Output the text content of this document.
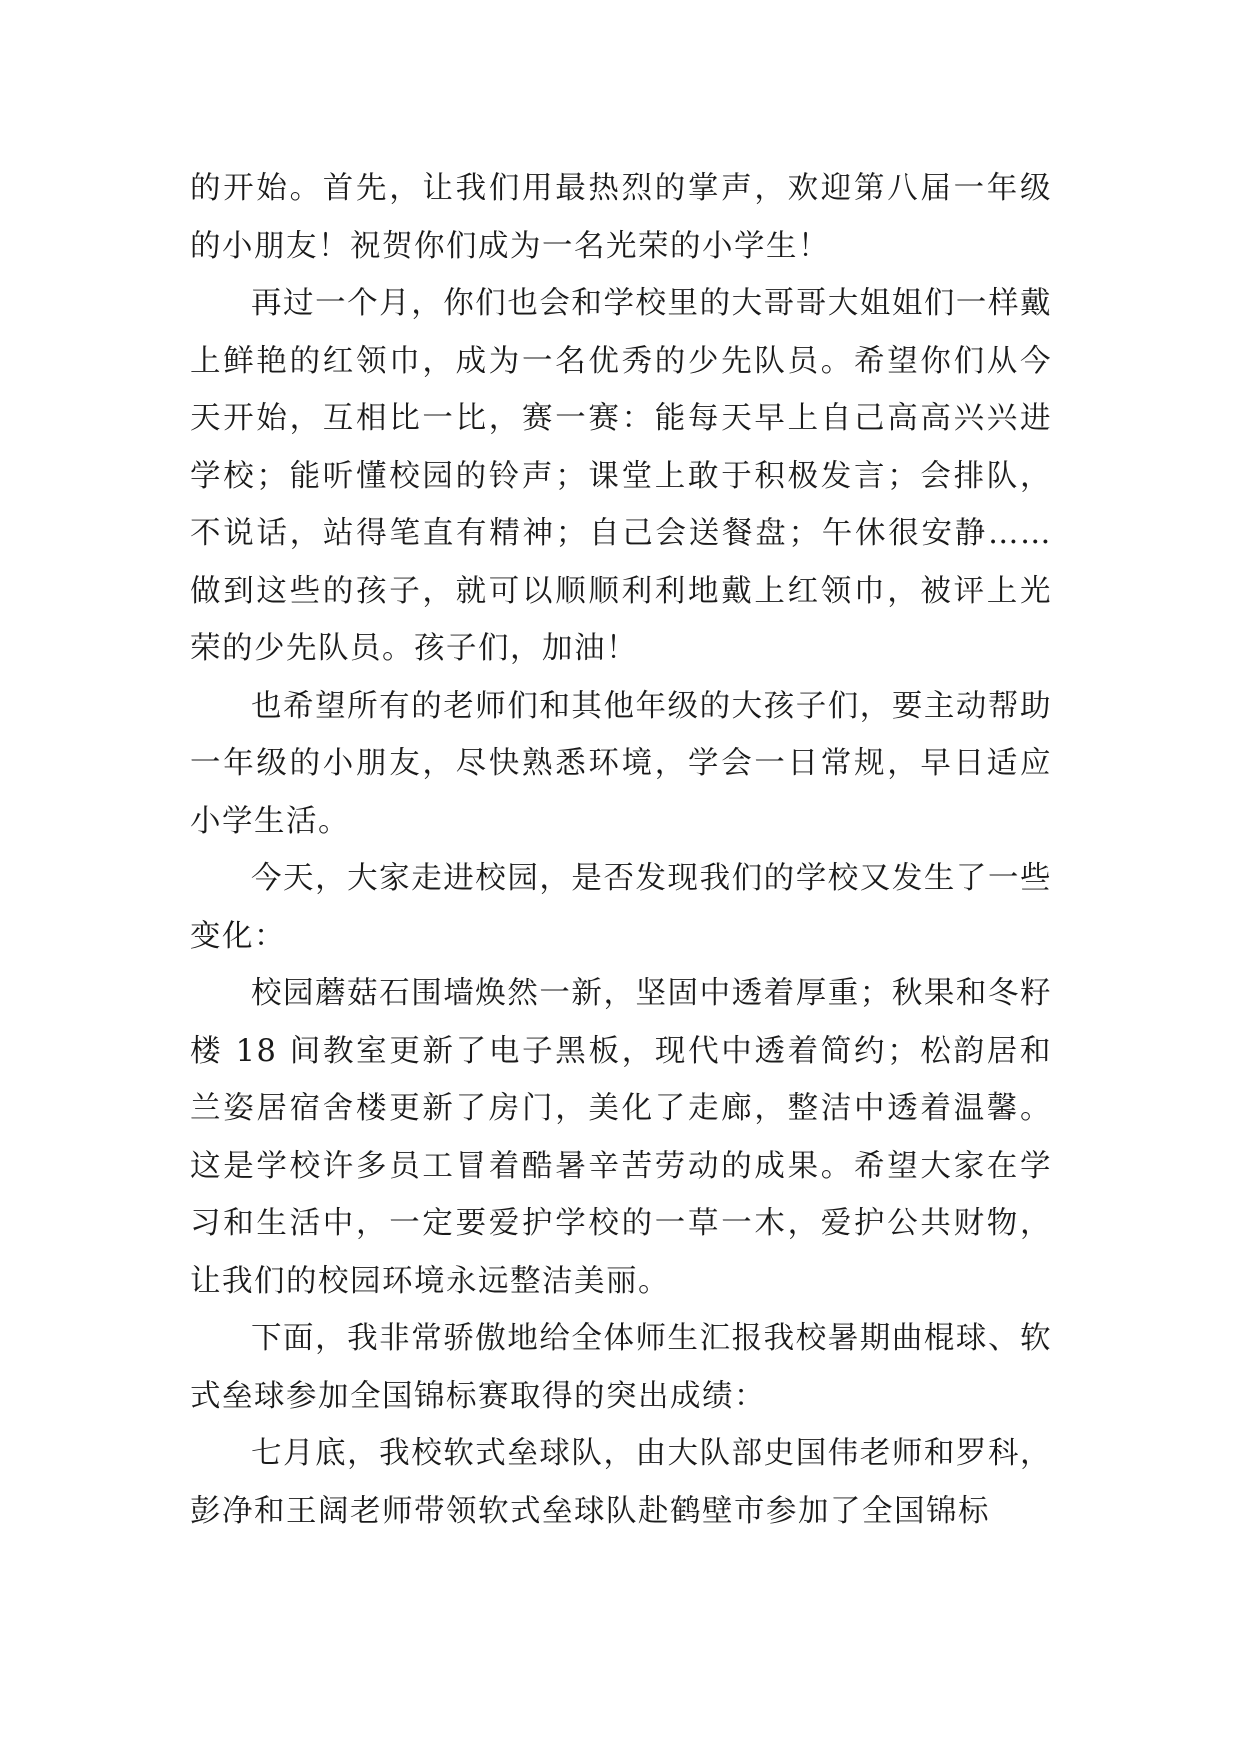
的开始。首先，让我们用最热烈的掌声，欢迎第八届一年级的小朋友！祝贺你们成为一名光荣的小学生！

再过一个月，你们也会和学校里的大哥哥大姐姐们一样戴上鲜艳的红领巾，成为一名优秀的少先队员。希望你们从今天开始，互相比一比，赛一赛：能每天早上自己高高兴兴进学校；能听懂校园的铃声；课堂上敢于积极发言；会排队，不说话，站得笔直有精神；自己会送餐盘；午休很安静……做到这些的孩子，就可以顺顺利利地戴上红领巾，被评上光荣的少先队员。孩子们，加油！

也希望所有的老师们和其他年级的大孩子们，要主动帮助一年级的小朋友，尽快熟悉环境，学会一日常规，早日适应小学生活。

今天，大家走进校园，是否发现我们的学校又发生了一些变化：

校园蘑菇石围墙焕然一新，坚固中透着厚重；秋果和冬籽楼 18 间教室更新了电子黑板，现代中透着简约；松韵居和兰姿居宿舍楼更新了房门，美化了走廊，整洁中透着温馨。这是学校许多员工冒着酷暑辛苦劳动的成果。希望大家在学习和生活中，一定要爱护学校的一草一木，爱护公共财物，让我们的校园环境永远整洁美丽。

下面，我非常骄傲地给全体师生汇报我校暑期曲棍球、软式垒球参加全国锦标赛取得的突出成绩：

七月底，我校软式垒球队，由大队部史国伟老师和罗科，彭净和王阔老师带领软式垒球队赴鹤壁市参加了全国锦标
